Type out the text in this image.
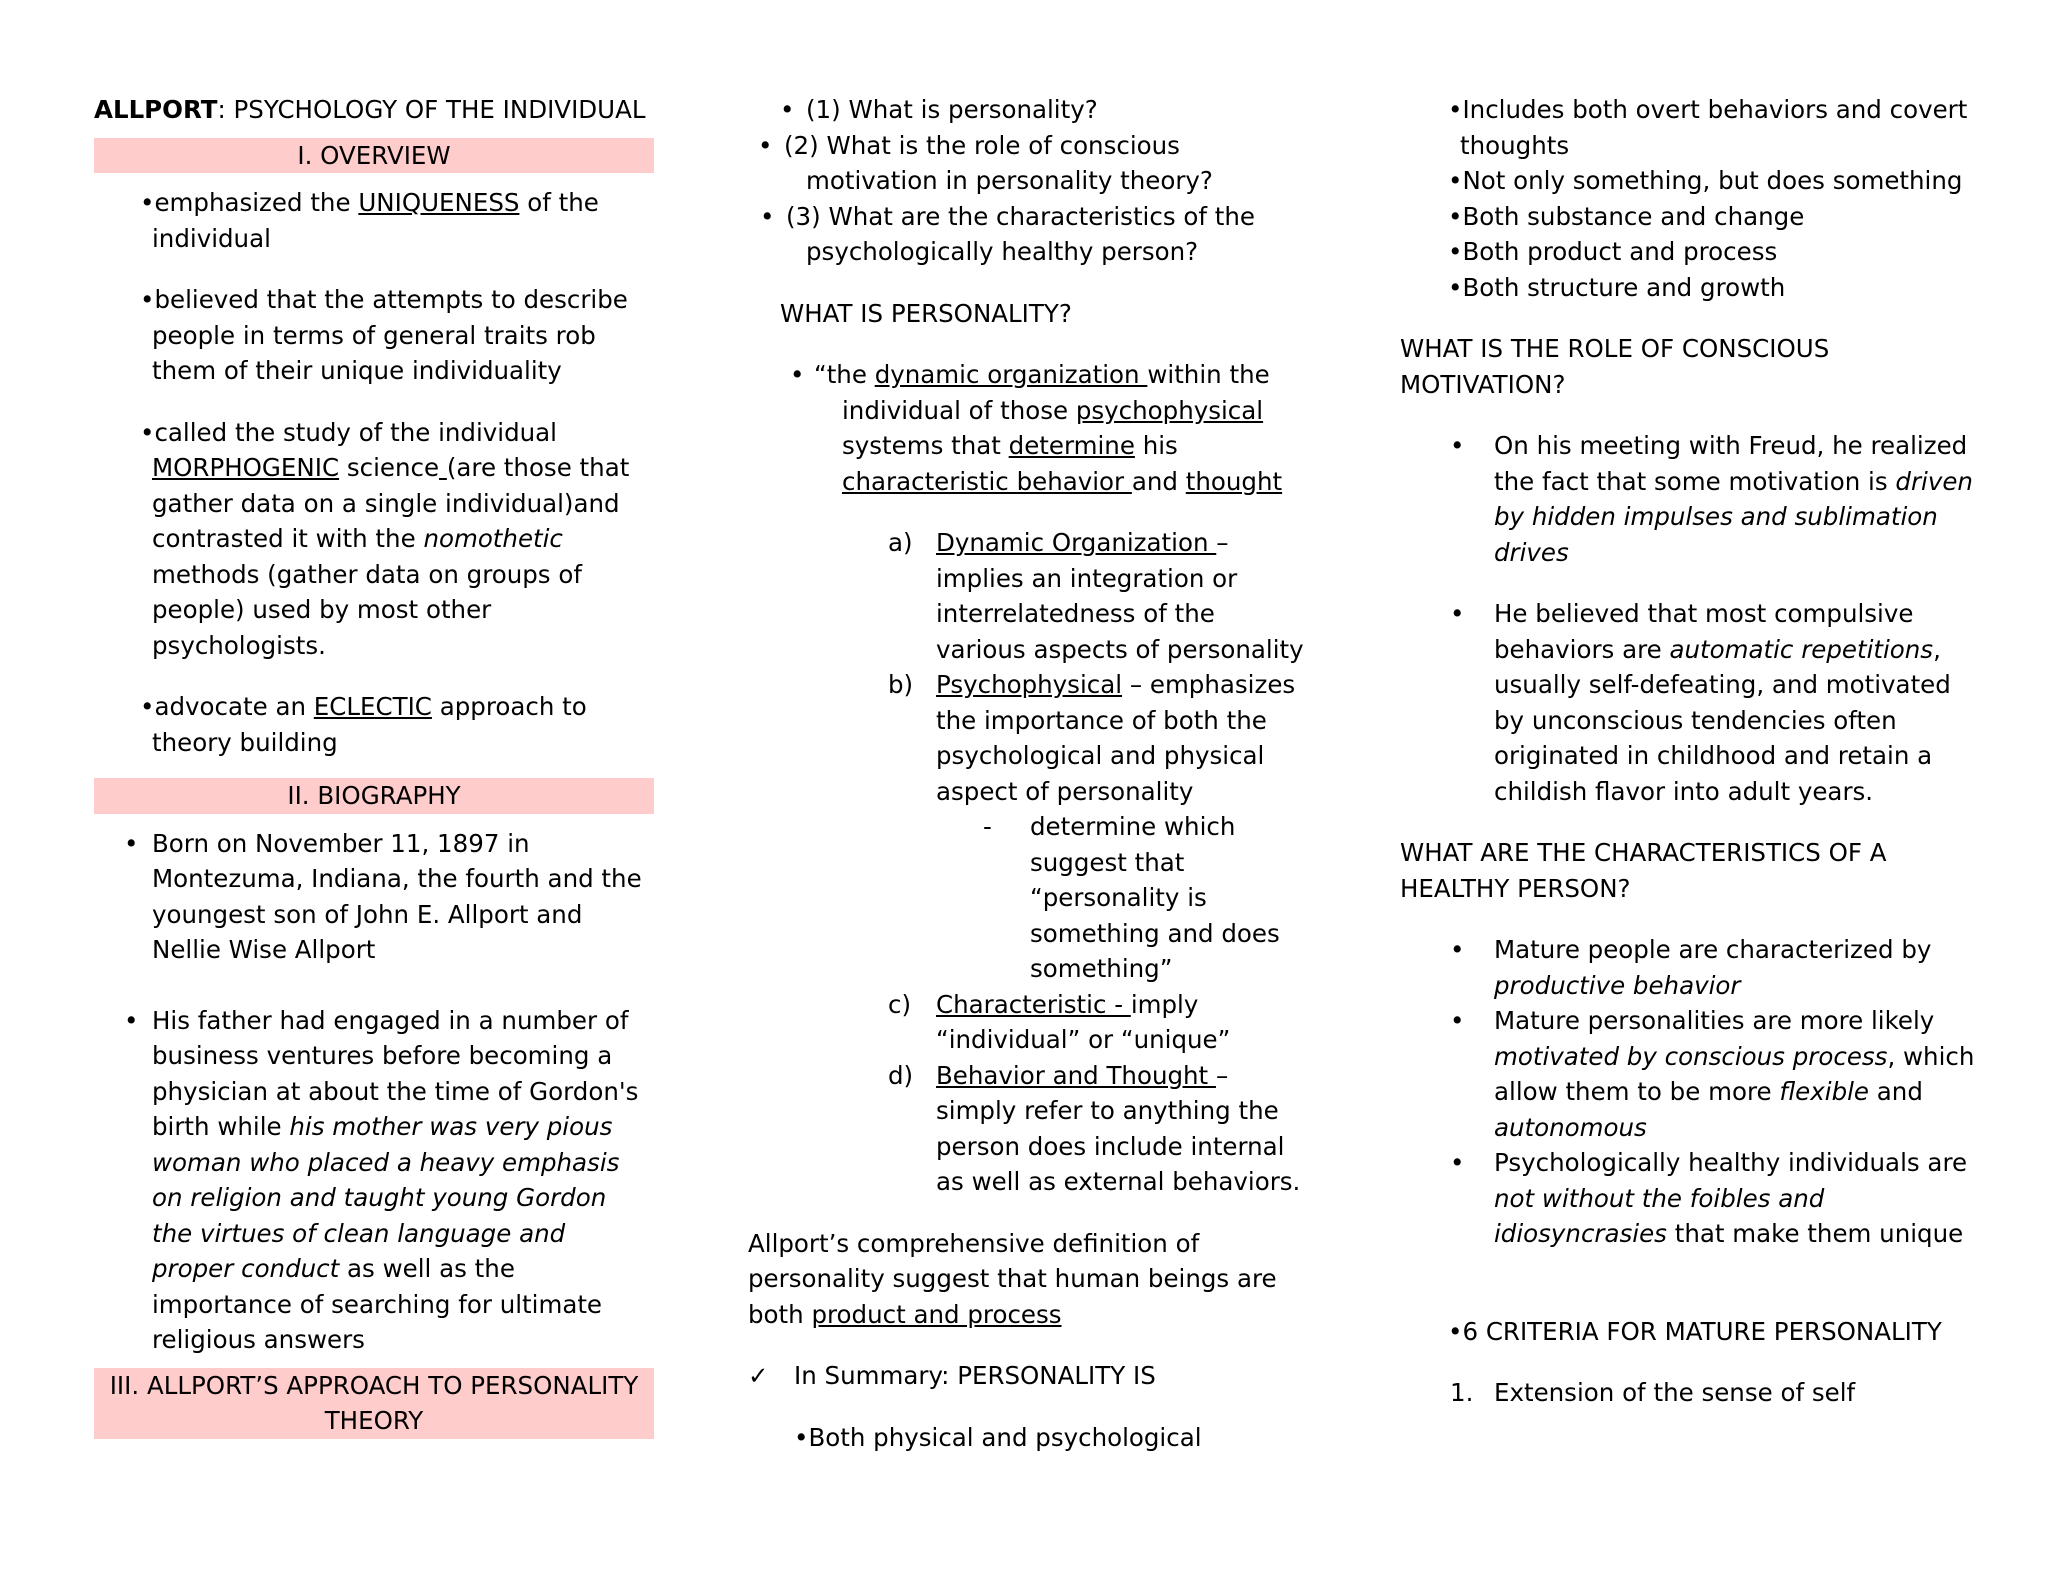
ALLPORT: PSYCHOLOGY OF THE INDIVIDUAL
I. OVERVIEW
•emphasized the UNIQUENESS of the individual
•believed that the attempts to describe people in terms of general traits rob them of their unique individuality
•called the study of the individual MORPHOGENIC science (are those that gather data on a single individual)and contrasted it with the nomothetic methods (gather data on groups of people) used by most other psychologists.
•advocate an ECLECTIC approach to theory building
II. BIOGRAPHY
• Born on November 11, 1897 in Montezuma, Indiana, the fourth and the youngest son of John E. Allport and Nellie Wise Allport
• His father had engaged in a number of business ventures before becoming a physician at about the time of Gordon's birth while his mother was very pious woman who placed a heavy emphasis on religion and taught young Gordon the virtues of clean language and proper conduct as well as the importance of searching for ultimate religious answers
III. ALLPORT’S APPROACH TO PERSONALITY THEORY
• (1) What is personality?
• (2) What is the role of conscious motivation in personality theory?
• (3) What are the characteristics of the psychologically healthy person?
WHAT IS PERSONALITY?
• “the dynamic organization within the individual of those psychophysical systems that determine his characteristic behavior and thought
a) Dynamic Organization – implies an integration or interrelatedness of the various aspects of personality
b) Psychophysical – emphasizes the importance of both the psychological and physical aspect of personality
- determine which suggest that “personality is something and does something”
c) Characteristic - imply “individual” or “unique”
d) Behavior and Thought – simply refer to anything the person does include internal as well as external behaviors.
Allport’s comprehensive definition of personality suggest that human beings are both product and process
✓ In Summary: PERSONALITY IS
•Both physical and psychological
•Includes both overt behaviors and covert thoughts
•Not only something, but does something
•Both substance and change
•Both product and process
•Both structure and growth
WHAT IS THE ROLE OF CONSCIOUS MOTIVATION?
• On his meeting with Freud, he realized the fact that some motivation is driven by hidden impulses and sublimation drives
• He believed that most compulsive behaviors are automatic repetitions, usually self-defeating, and motivated by unconscious tendencies often originated in childhood and retain a childish flavor into adult years.
WHAT ARE THE CHARACTERISTICS OF A HEALTHY PERSON?
• Mature people are characterized by productive behavior
• Mature personalities are more likely motivated by conscious process, which allow them to be more flexible and autonomous
• Psychologically healthy individuals are not without the foibles and idiosyncrasies that make them unique
•6 CRITERIA FOR MATURE PERSONALITY
1. Extension of the sense of self
